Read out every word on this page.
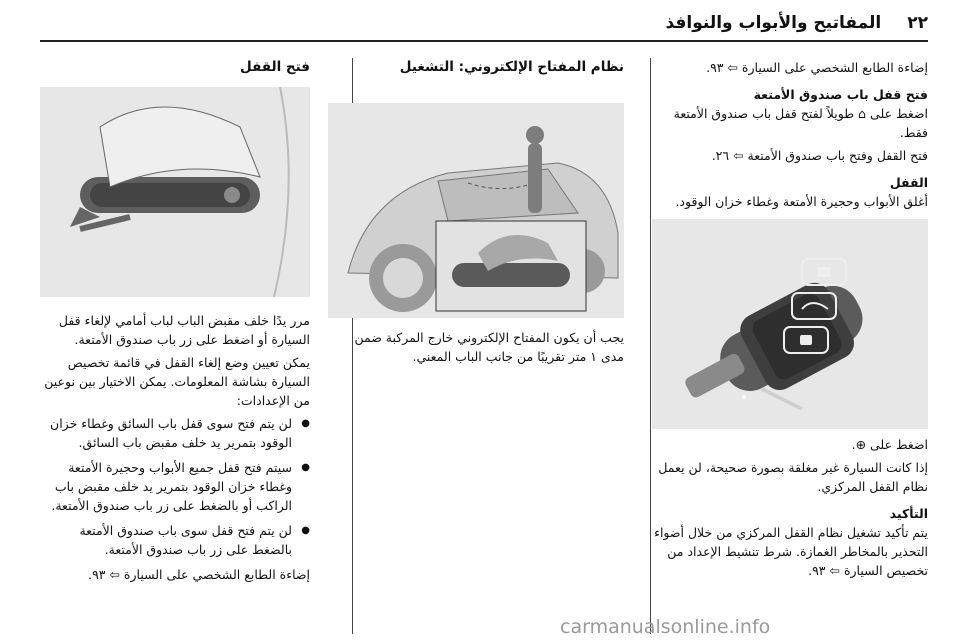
٢٢
المفاتيح والأبواب والنوافذ

إضاءة الطابع الشخصي على السيارة ⇦ ٩٣.

فتح قفل باب صندوق الأمتعة

اضغط على ⌂ طويلاً لفتح قفل باب صندوق الأمتعة فقط.

فتح القفل وفتح باب صندوق الأمتعة ⇦ ٢٦.

القفل

أغلق الأبواب وحجيرة الأمتعة وغطاء خزان الوقود.

اضغط على ⊕.

إذا كانت السيارة غير مغلقة بصورة صحيحة، لن يعمل نظام القفل المركزي.

التأكيد

يتم تأكيد تشغيل نظام القفل المركزي من خلال أضواء التحذير بالمخاطر الغمازة. شرط تنشيط الإعداد من تخصيص السيارة ⇦ ٩٣.

نظام المفتاح الإلكتروني: التشغيل

يجب أن يكون المفتاح الإلكتروني خارج المركبة ضمن مدى ١ متر تقريبًا من جانب الباب المعني.

فتح القفل

مرر يدًا خلف مقبض الباب لباب أمامي لإلغاء قفل السيارة أو اضغط على زر باب صندوق الأمتعة.

يمكن تعيين وضع إلغاء القفل في قائمة تخصيص السيارة بشاشة المعلومات. يمكن الاختيار بين نوعين من الإعدادات:

● لن يتم فتح سوى قفل باب السائق وغطاء خزان الوقود بتمرير يد خلف مقبض باب السائق.
● سيتم فتح قفل جميع الأبواب وحجيرة الأمتعة وغطاء خزان الوقود بتمرير يد خلف مقبض باب الراكب أو بالضغط على زر باب صندوق الأمتعة.
● لن يتم فتح قفل سوى باب صندوق الأمتعة بالضغط على زر باب صندوق الأمتعة.

إضاءة الطابع الشخصي على السيارة ⇦ ٩٣.

carmanualsonline.info
